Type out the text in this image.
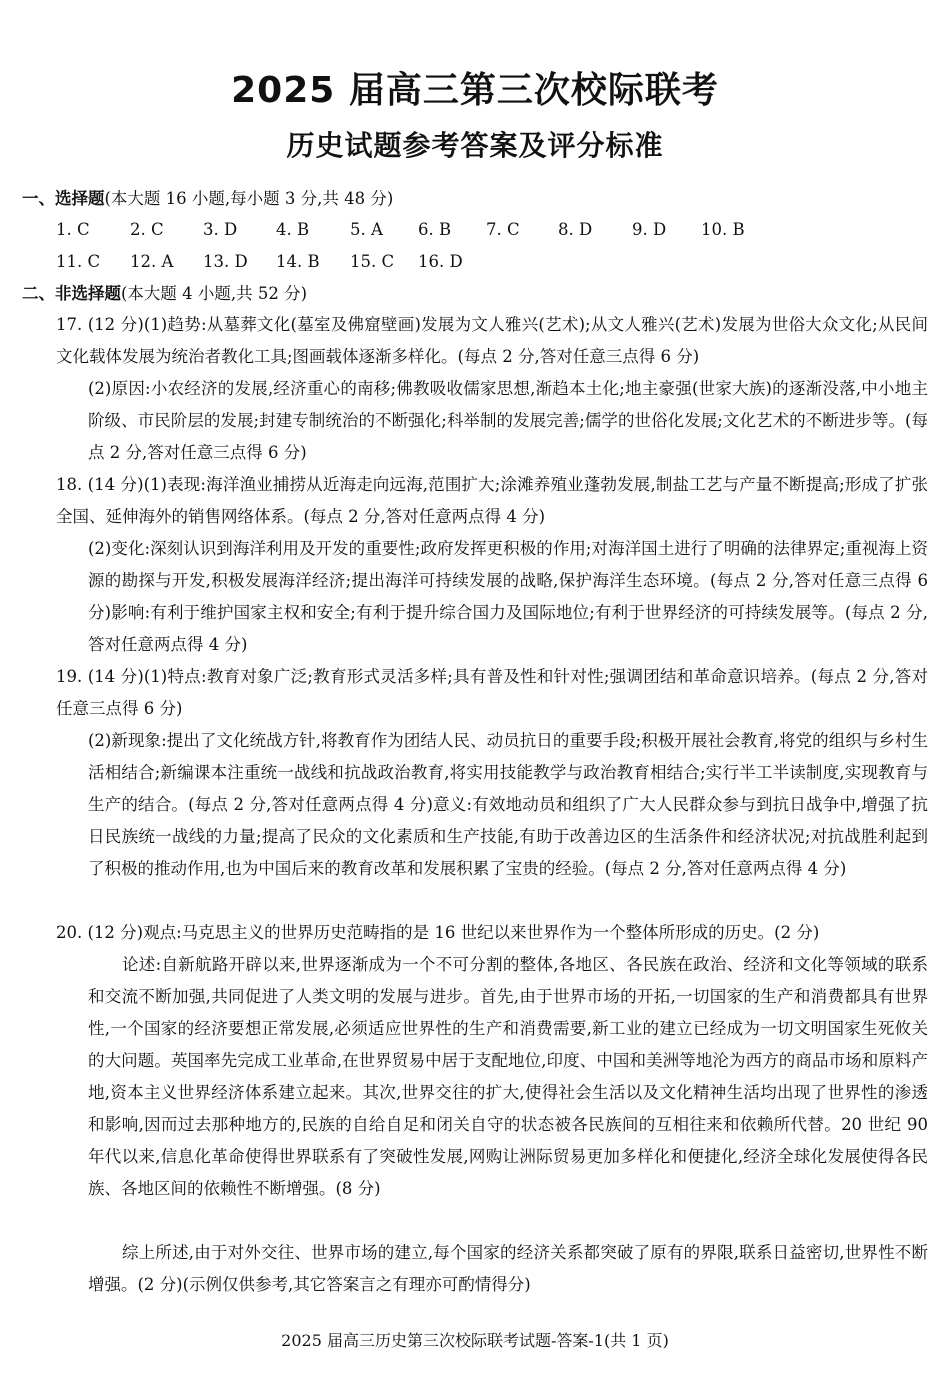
2025 届高三第三次校际联考
历史试题参考答案及评分标准
一、选择题(本大题 16 小题,每小题 3 分,共 48 分)
1. C 2. C 3. D 4. B 5. A 6. B 7. C 8. D 9. D 10. B
11. C 12. A 13. D 14. B 15. C 16. D
二、非选择题(本大题 4 小题,共 52 分)
17. (12 分)(1)趋势:从墓葬文化(墓室及佛窟壁画)发展为文人雅兴(艺术);从文人雅兴(艺术)发展为世俗大众文化;从民间文化载体发展为统治者教化工具;图画载体逐渐多样化。(每点 2 分,答对任意三点得 6 分)
(2)原因:小农经济的发展,经济重心的南移;佛教吸收儒家思想,渐趋本土化;地主豪强(世家大族)的逐渐没落,中小地主阶级、市民阶层的发展;封建专制统治的不断强化;科举制的发展完善;儒学的世俗化发展;文化艺术的不断进步等。(每点 2 分,答对任意三点得 6 分)
18. (14 分)(1)表现:海洋渔业捕捞从近海走向远海,范围扩大;涂滩养殖业蓬勃发展,制盐工艺与产量不断提高;形成了扩张全国、延伸海外的销售网络体系。(每点 2 分,答对任意两点得 4 分)
(2)变化:深刻认识到海洋利用及开发的重要性;政府发挥更积极的作用;对海洋国土进行了明确的法律界定;重视海上资源的勘探与开发,积极发展海洋经济;提出海洋可持续发展的战略,保护海洋生态环境。(每点 2 分,答对任意三点得 6 分)影响:有利于维护国家主权和安全;有利于提升综合国力及国际地位;有利于世界经济的可持续发展等。(每点 2 分,答对任意两点得 4 分)
19. (14 分)(1)特点:教育对象广泛;教育形式灵活多样;具有普及性和针对性;强调团结和革命意识培养。(每点 2 分,答对任意三点得 6 分)
(2)新现象:提出了文化统战方针,将教育作为团结人民、动员抗日的重要手段;积极开展社会教育,将党的组织与乡村生活相结合;新编课本注重统一战线和抗战政治教育,将实用技能教学与政治教育相结合;实行半工半读制度,实现教育与生产的结合。(每点 2 分,答对任意两点得 4 分)意义:有效地动员和组织了广大人民群众参与到抗日战争中,增强了抗日民族统一战线的力量;提高了民众的文化素质和生产技能,有助于改善边区的生活条件和经济状况;对抗战胜利起到了积极的推动作用,也为中国后来的教育改革和发展积累了宝贵的经验。(每点 2 分,答对任意两点得 4 分)
20. (12 分)观点:马克思主义的世界历史范畴指的是 16 世纪以来世界作为一个整体所形成的历史。(2 分)
论述:自新航路开辟以来,世界逐渐成为一个不可分割的整体,各地区、各民族在政治、经济和文化等领域的联系和交流不断加强,共同促进了人类文明的发展与进步。首先,由于世界市场的开拓,一切国家的生产和消费都具有世界性,一个国家的经济要想正常发展,必须适应世界性的生产和消费需要,新工业的建立已经成为一切文明国家生死攸关的大问题。英国率先完成工业革命,在世界贸易中居于支配地位,印度、中国和美洲等地沦为西方的商品市场和原料产地,资本主义世界经济体系建立起来。其次,世界交往的扩大,使得社会生活以及文化精神生活均出现了世界性的渗透和影响,因而过去那种地方的,民族的自给自足和闭关自守的状态被各民族间的互相往来和依赖所代替。20 世纪 90 年代以来,信息化革命使得世界联系有了突破性发展,网购让洲际贸易更加多样化和便捷化,经济全球化发展使得各民族、各地区间的依赖性不断增强。(8 分)
综上所述,由于对外交往、世界市场的建立,每个国家的经济关系都突破了原有的界限,联系日益密切,世界性不断增强。(2 分)(示例仅供参考,其它答案言之有理亦可酌情得分)
2025 届高三历史第三次校际联考试题-答案-1(共 1 页)
